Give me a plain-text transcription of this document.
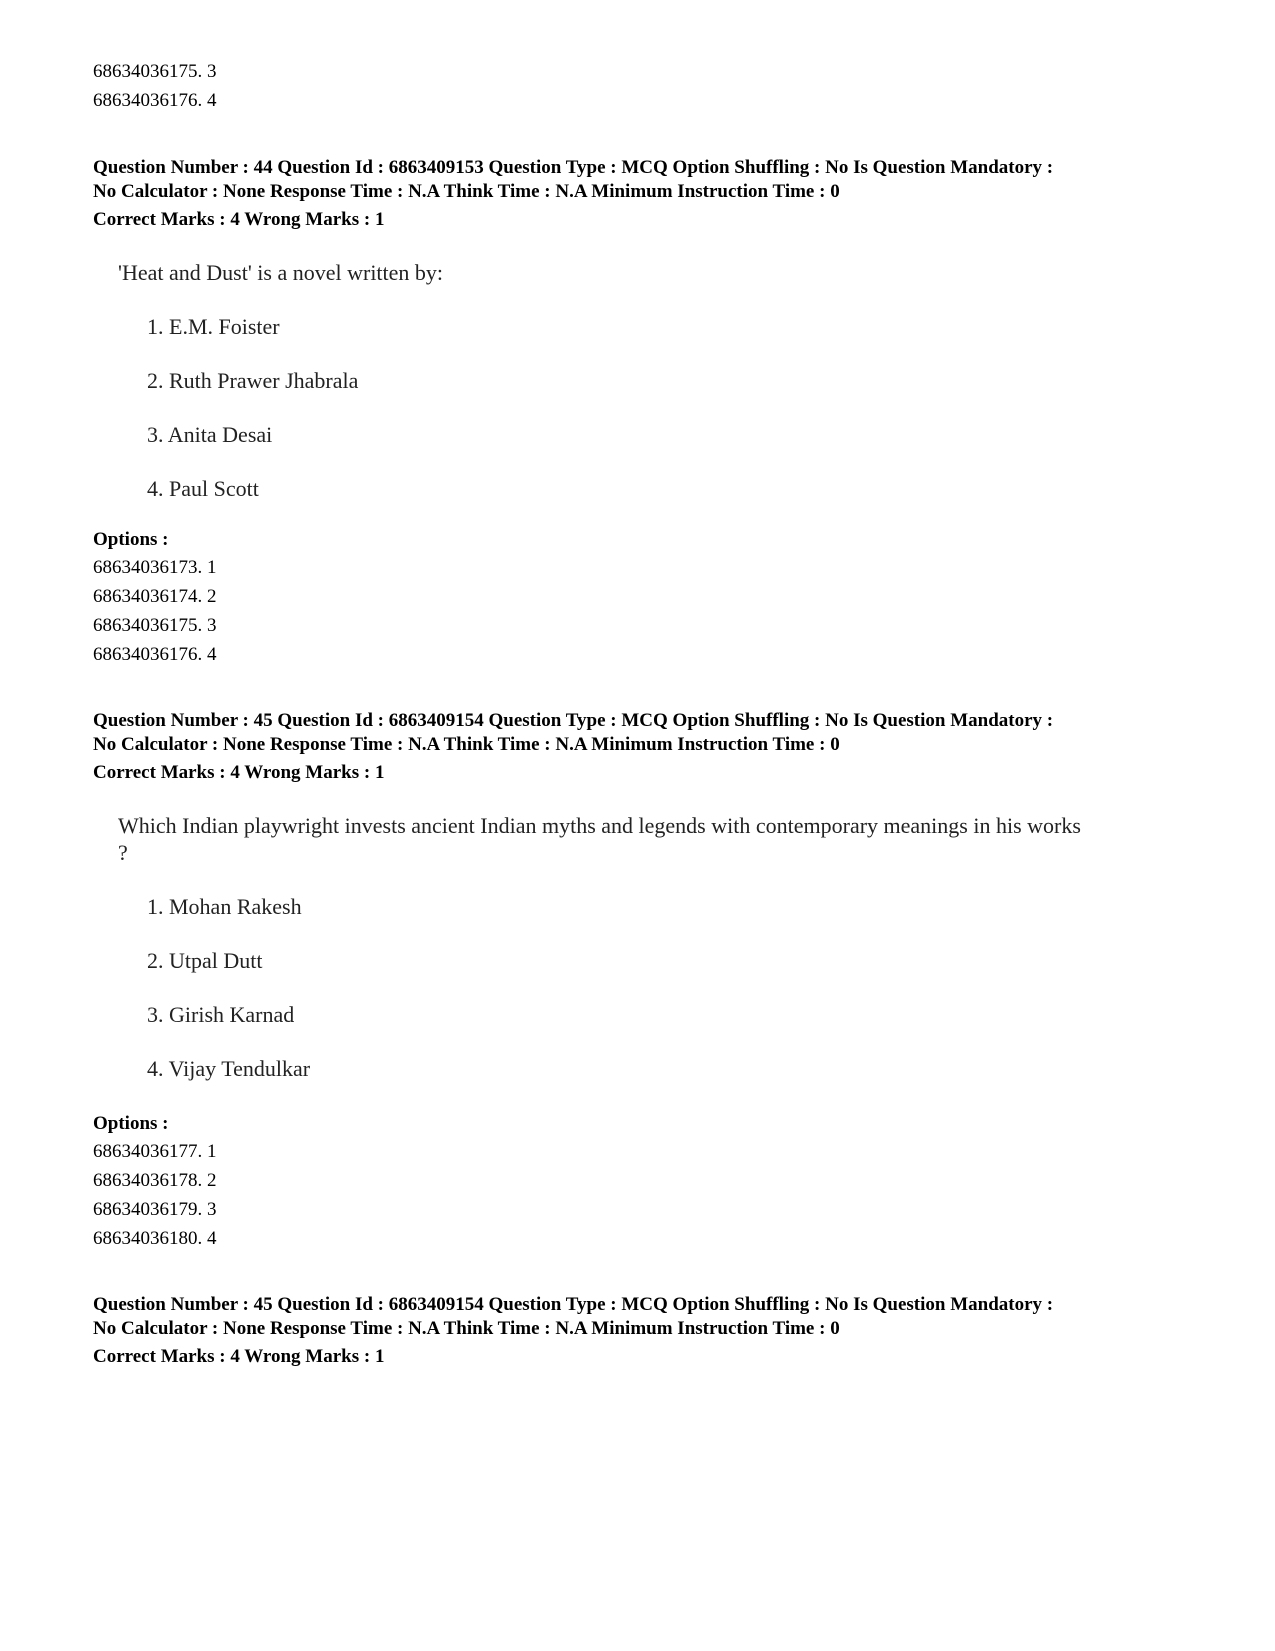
68634036175. 3
68634036176. 4
Question Number : 44 Question Id : 6863409153 Question Type : MCQ Option Shuffling : No Is Question Mandatory :
No Calculator : None Response Time : N.A Think Time : N.A Minimum Instruction Time : 0
Correct Marks : 4 Wrong Marks : 1
'Heat and Dust' is a novel written by:
1. E.M. Foister
2. Ruth Prawer Jhabrala
3. Anita Desai
4. Paul Scott
Options :
68634036173. 1
68634036174. 2
68634036175. 3
68634036176. 4
Question Number : 45 Question Id : 6863409154 Question Type : MCQ Option Shuffling : No Is Question Mandatory :
No Calculator : None Response Time : N.A Think Time : N.A Minimum Instruction Time : 0
Correct Marks : 4 Wrong Marks : 1
Which Indian playwright invests ancient Indian myths and legends with contemporary meanings in his works
?
1. Mohan Rakesh
2. Utpal Dutt
3. Girish Karnad
4. Vijay Tendulkar
Options :
68634036177. 1
68634036178. 2
68634036179. 3
68634036180. 4
Question Number : 45 Question Id : 6863409154 Question Type : MCQ Option Shuffling : No Is Question Mandatory :
No Calculator : None Response Time : N.A Think Time : N.A Minimum Instruction Time : 0
Correct Marks : 4 Wrong Marks : 1
